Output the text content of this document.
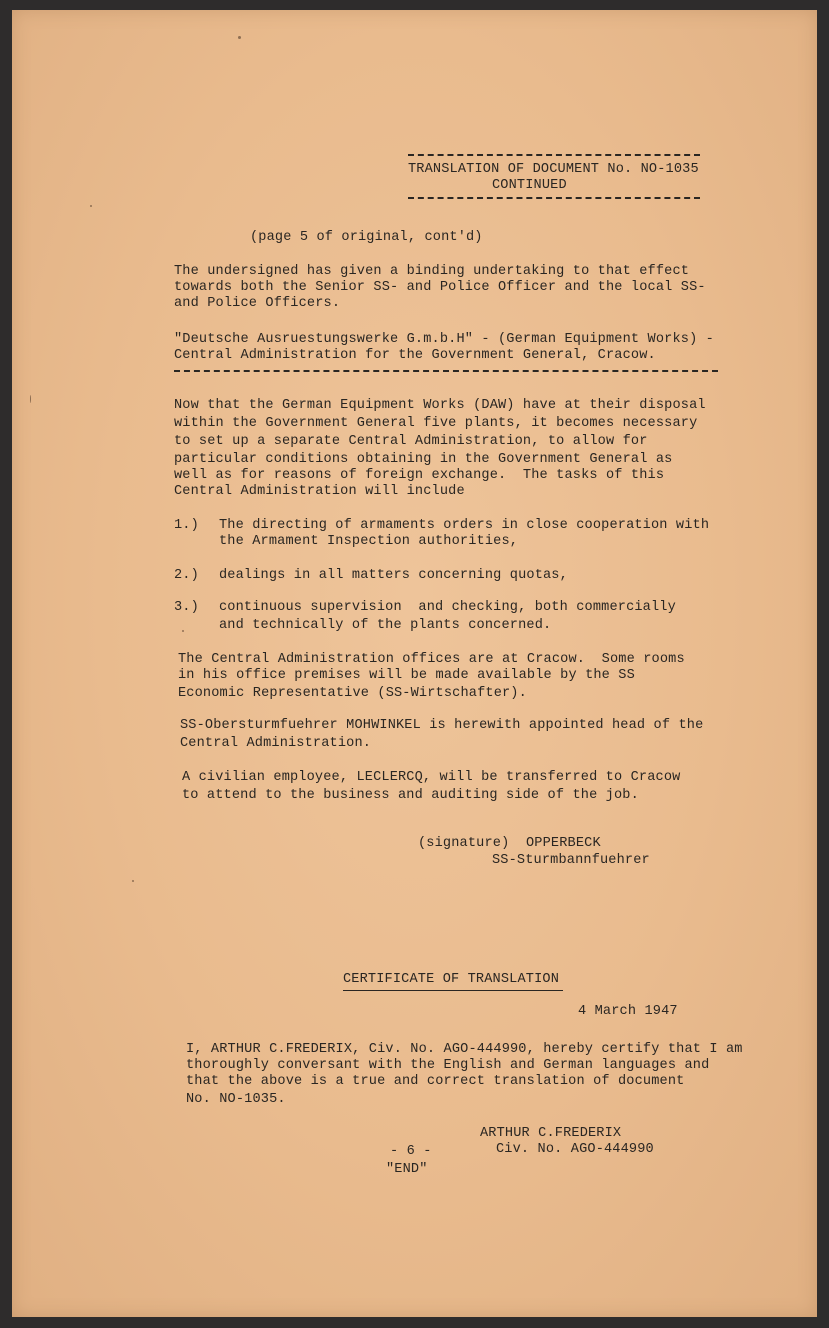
TRANSLATION OF DOCUMENT No. NO-1035

CONTINUED

(page 5 of original, cont'd)

The undersigned has given a binding undertaking to that effect

towards both the Senior SS- and Police Officer and the local SS-

and Police Officers.

"Deutsche Ausruestungswerke G.m.b.H" - (German Equipment Works) -

Central Administration for the Government General, Cracow.

Now that the German Equipment Works (DAW) have at their disposal

within the Government General five plants, it becomes necessary

to set up a separate Central Administration, to allow for

particular conditions obtaining in the Government General as

well as for reasons of foreign exchange.  The tasks of this

Central Administration will include

1.) The directing of armaments orders in close cooperation with

the Armament Inspection authorities,

2.) dealings in all matters concerning quotas,

3.) continuous supervision  and checking, both commercially

and technically of the plants concerned.

The Central Administration offices are at Cracow.  Some rooms

in his office premises will be made available by the SS

Economic Representative (SS-Wirtschafter).

SS-Obersturmfuehrer MOHWINKEL is herewith appointed head of the

Central Administration.

A civilian employee, LECLERCQ, will be transferred to Cracow

to attend to the business and auditing side of the job.

(signature)  OPPERBECK

SS-Sturmbannfuehrer

CERTIFICATE OF TRANSLATION

4 March 1947

I, ARTHUR C.FREDERIX, Civ. No. AGO-444990, hereby certify that I am

thoroughly conversant with the English and German languages and

that the above is a true and correct translation of document

No. NO-1035.

ARTHUR C.FREDERIX

Civ. No. AGO-444990

- 6 -

"END"
